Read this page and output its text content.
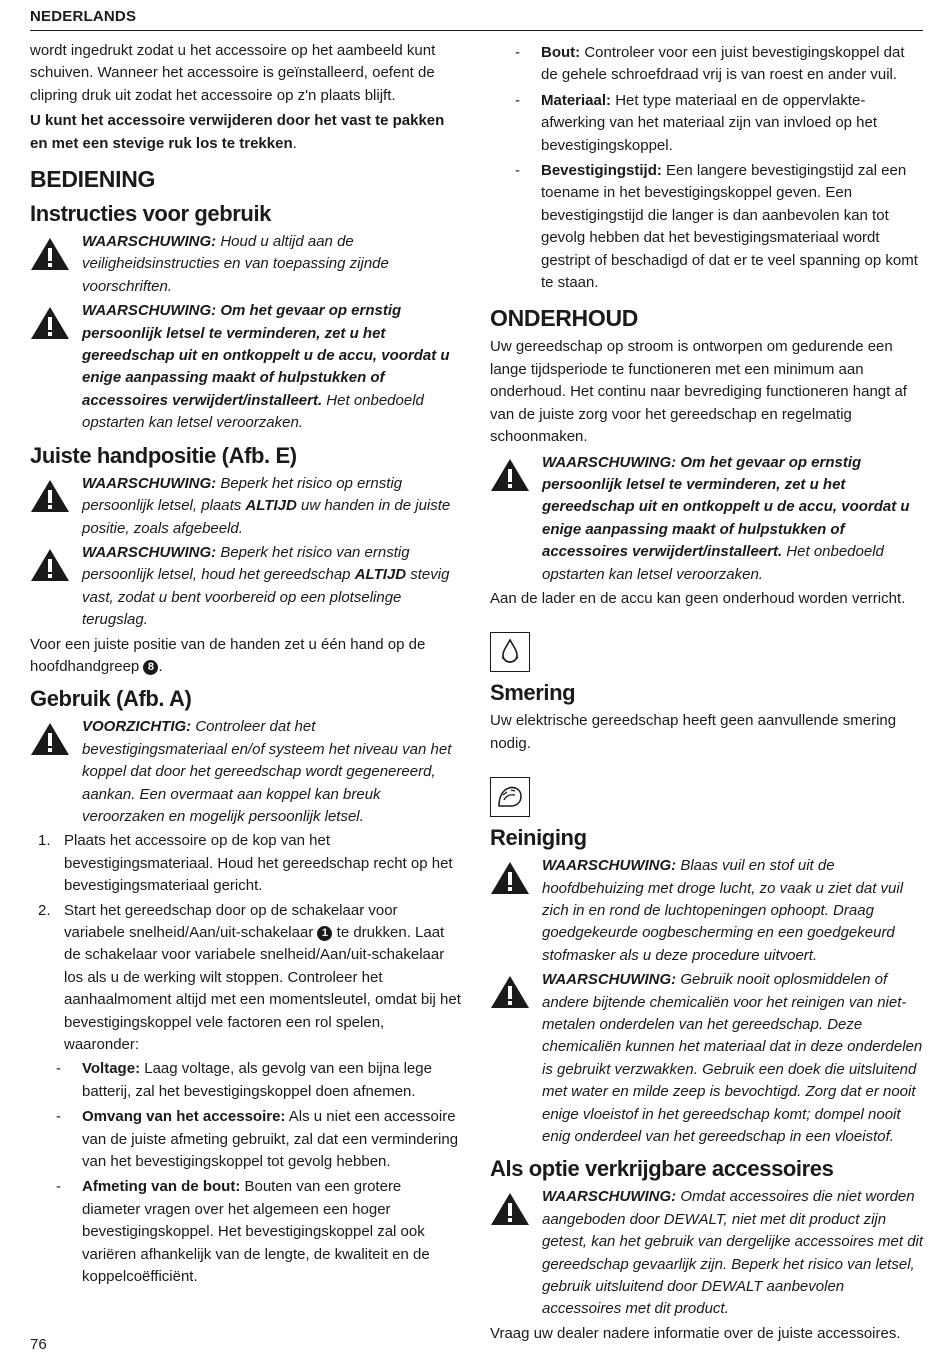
NEDERLANDS

wordt ingedrukt zodat u het accessoire op het aambeeld kunt schuiven. Wanneer het accessoire is geïnstalleerd, oefent de clipring druk uit zodat het accessoire op z'n plaats blijft.

U kunt het accessoire verwijderen door het vast te pakken en met een stevige ruk los te trekken.

BEDIENING
Instructies voor gebruik
WAARSCHUWING: Houd u altijd aan de veiligheidsinstructies en van toepassing zijnde voorschriften.
WAARSCHUWING: Om het gevaar op ernstig persoonlijk letsel te verminderen, zet u het gereedschap uit en ontkoppelt u de accu, voordat u enige aanpassing maakt of hulpstukken of accessoires verwijdert/installeert. Het onbedoeld opstarten kan letsel veroorzaken.
Juiste handpositie (Afb. E)
WAARSCHUWING: Beperk het risico op ernstig persoonlijk letsel, plaats ALTIJD uw handen in de juiste positie, zoals afgebeeld.
WAARSCHUWING: Beperk het risico van ernstig persoonlijk letsel, houd het gereedschap ALTIJD stevig vast, zodat u bent voorbereid op een plotselinge terugslag.

Voor een juiste positie van de handen zet u één hand op de hoofdhandgreep 8 .

Gebruik (Afb. A)
VOORZICHTIG: Controleer dat het bevestigingsmateriaal en/of systeem het niveau van het koppel dat door het gereedschap wordt gegenereerd, aankan. Een overmaat aan koppel kan breuk veroorzaken en mogelijk persoonlijk letsel.
1. Plaats het accessoire op de kop van het bevestigingsmateriaal. Houd het gereedschap recht op het bevestigingsmateriaal gericht.
2. Start het gereedschap door op de schakelaar voor variabele snelheid/Aan/uit-schakelaar 1 te drukken. Laat de schakelaar voor variabele snelheid/Aan/uit-schakelaar los als u de werking wilt stoppen. Controleer het aanhaalmoment altijd met een momentsleutel, omdat bij het bevestigingskoppel vele factoren een rol spelen, waaronder:
-	Voltage: Laag voltage, als gevolg van een bijna lege batterij, zal het bevestigingskoppel doen afnemen.
-	Omvang van het accessoire: Als u niet een accessoire van de juiste afmeting gebruikt, zal dat een vermindering van het bevestigingskoppel tot gevolg hebben.
-	Afmeting van de bout: Bouten van een grotere diameter vragen over het algemeen een hoger bevestigingskoppel. Het bevestigingskoppel zal ook variëren afhankelijk van de lengte, de kwaliteit en de koppelcoëfficiënt.
-	Bout: Controleer voor een juist bevestigingskoppel dat de gehele schroefdraad vrij is van roest en ander vuil.
-	Materiaal: Het type materiaal en de oppervlakte-afwerking van het materiaal zijn van invloed op het bevestigingskoppel.
-	Bevestigingstijd: Een langere bevestigingstijd zal een toename in het bevestigingskoppel geven. Een bevestigingstijd die langer is dan aanbevolen kan tot gevolg hebben dat het bevestigingsmateriaal wordt gestript of beschadigd of dat er te veel spanning op komt te staan.
ONDERHOUD

Uw gereedschap op stroom is ontworpen om gedurende een lange tijdsperiode te functioneren met een minimum aan onderhoud. Het continu naar bevrediging functioneren hangt af van de juiste zorg voor het gereedschap en regelmatig schoonmaken.

WAARSCHUWING: Om het gevaar op ernstig persoonlijk letsel te verminderen, zet u het gereedschap uit en ontkoppelt u de accu, voordat u enige aanpassing maakt of hulpstukken of accessoires verwijdert/installeert. Het onbedoeld opstarten kan letsel veroorzaken.

Aan de lader en de accu kan geen onderhoud worden verricht.

Smering

Uw elektrische gereedschap heeft geen aanvullende smering nodig.

Reiniging
WAARSCHUWING: Blaas vuil en stof uit de hoofdbehuizing met droge lucht, zo vaak u ziet dat vuil zich in en rond de luchtopeningen ophoopt. Draag goedgekeurde oogbescherming en een goedgekeurd stofmasker als u deze procedure uitvoert.
WAARSCHUWING: Gebruik nooit oplosmiddelen of andere bijtende chemicaliën voor het reinigen van niet-metalen onderdelen van het gereedschap. Deze chemicaliën kunnen het materiaal dat in deze onderdelen is gebruikt verzwakken. Gebruik een doek die uitsluitend met water en milde zeep is bevochtigd. Zorg dat er nooit enige vloeistof in het gereedschap komt; dompel nooit enig onderdeel van het gereedschap in een vloeistof.
Als optie verkrijgbare accessoires
WAARSCHUWING: Omdat accessoires die niet worden aangeboden door DEWALT, niet met dit product zijn getest, kan het gebruik van dergelijke accessoires met dit gereedschap gevaarlijk zijn. Beperk het risico van letsel, gebruik uitsluitend door DEWALT aanbevolen accessoires met dit product.

Vraag uw dealer nadere informatie over de juiste accessoires.

76
